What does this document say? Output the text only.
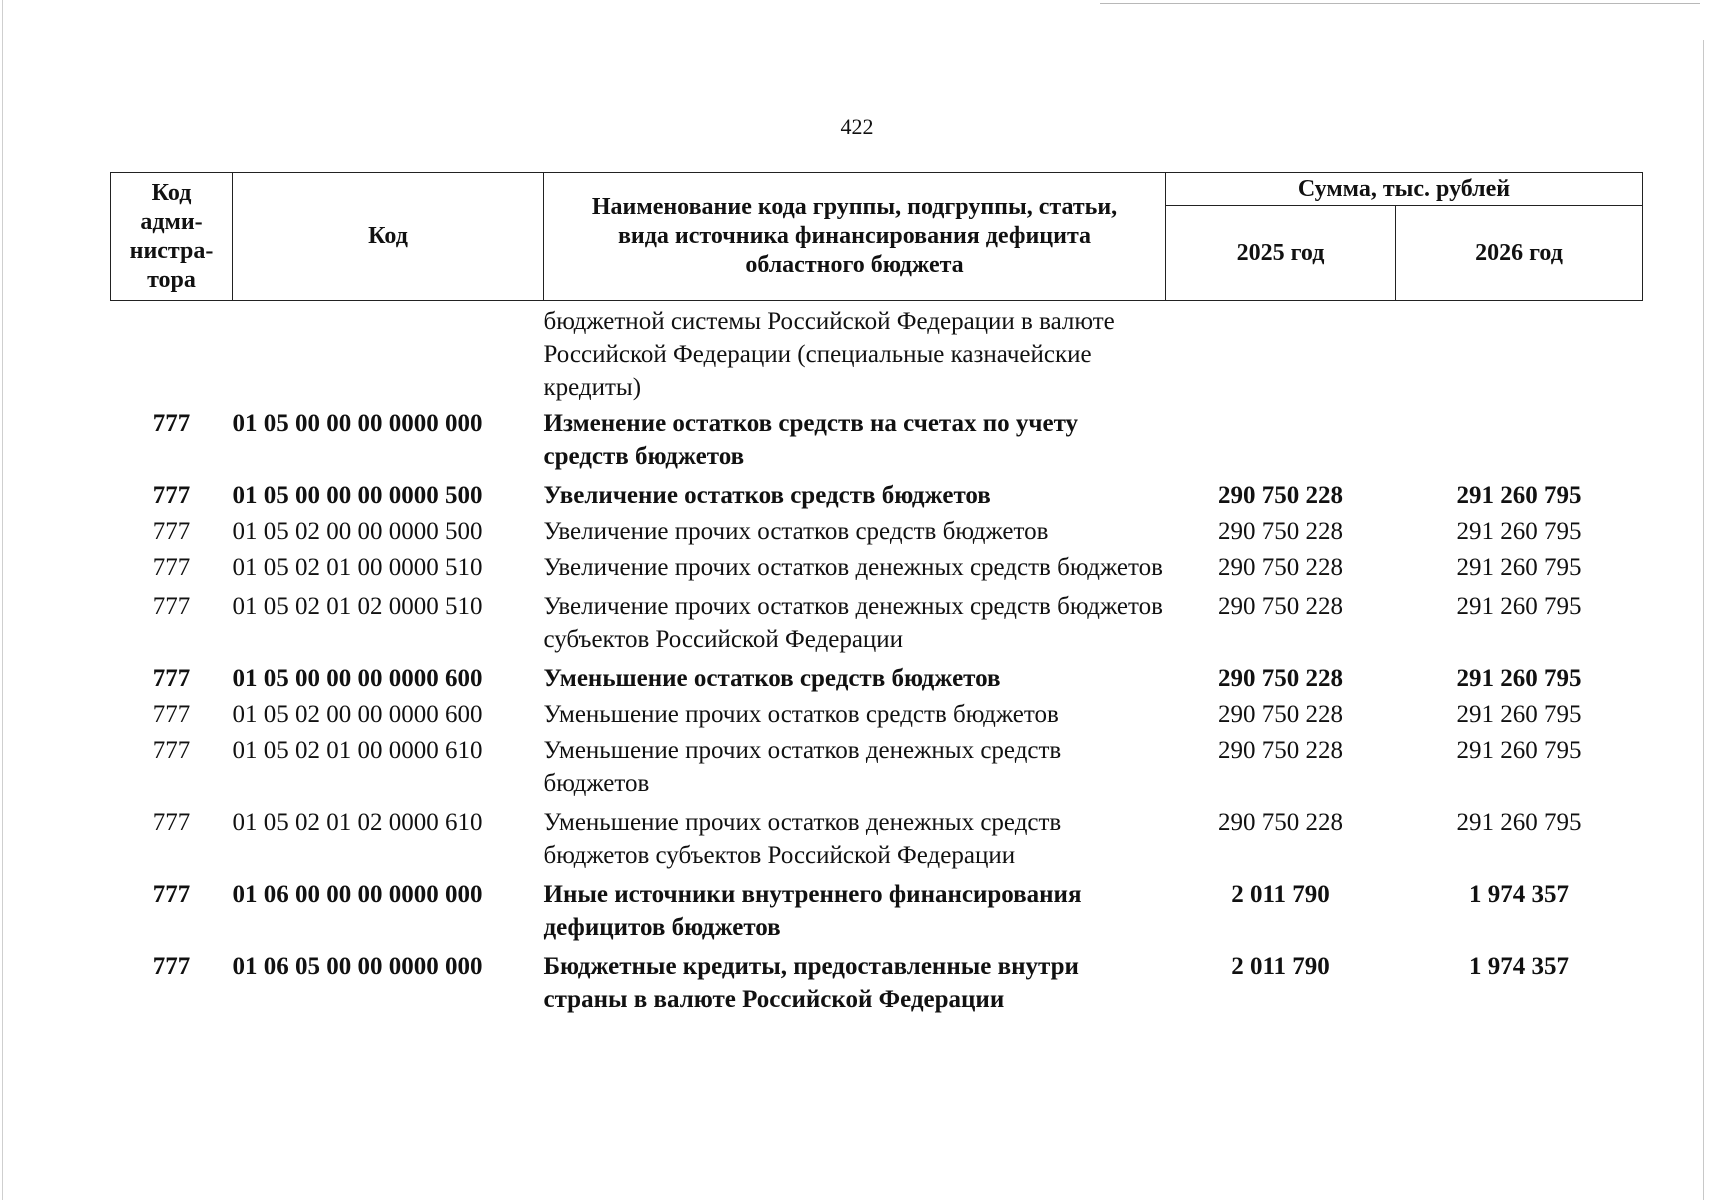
422
Код адми-нистра-тора	Код	Наименование кода группы, подгруппы, статьи, вида источника финансирования дефицита областного бюджета	Сумма, тыс. рублей	
			2025 год	2026 год
		бюджетной системы Российской Федерации в валюте Российской Федерации (специальные казначейские кредиты)		
777	01 05 00 00 00 0000 000	Изменение остатков средств на счетах по учету средств бюджетов		
777	01 05 00 00 00 0000 500	Увеличение остатков средств бюджетов	290 750 228	291 260 795
777	01 05 02 00 00 0000 500	Увеличение прочих остатков средств бюджетов	290 750 228	291 260 795
777	01 05 02 01 00 0000 510	Увеличение прочих остатков денежных средств бюджетов	290 750 228	291 260 795
777	01 05 02 01 02 0000 510	Увеличение прочих остатков денежных средств бюджетов субъектов Российской Федерации	290 750 228	291 260 795
777	01 05 00 00 00 0000 600	Уменьшение остатков средств бюджетов	290 750 228	291 260 795
777	01 05 02 00 00 0000 600	Уменьшение прочих остатков средств бюджетов	290 750 228	291 260 795
777	01 05 02 01 00 0000 610	Уменьшение прочих остатков денежных средств бюджетов	290 750 228	291 260 795
777	01 05 02 01 02 0000 610	Уменьшение прочих остатков денежных средств бюджетов субъектов Российской Федерации	290 750 228	291 260 795
777	01 06 00 00 00 0000 000	Иные источники внутреннего финансирования дефицитов бюджетов	2 011 790	1 974 357
777	01 06 05 00 00 0000 000	Бюджетные кредиты, предоставленные внутри страны в валюте Российской Федерации	2 011 790	1 974 357
